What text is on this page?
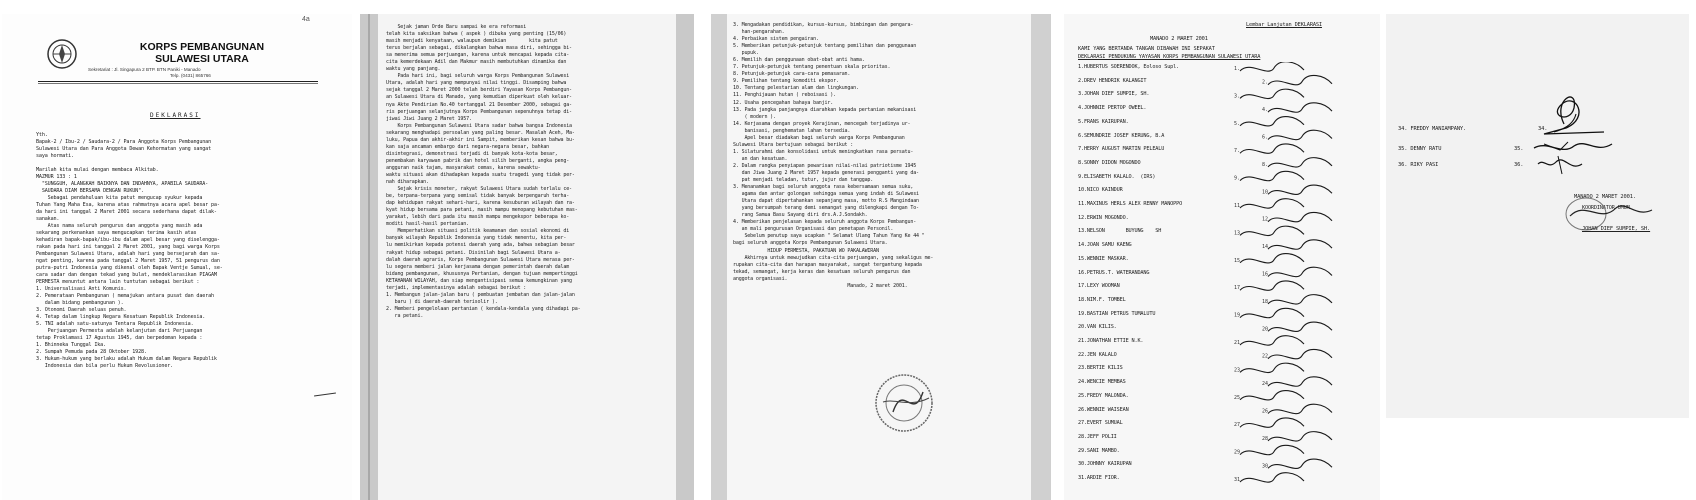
4a
KORPS PEMBANGUNAN
SULAWESI UTARA
Sekretariat : Jl. Singapura 2 BTP. BTN Paniki - Manado
Telp. (0431) 865766
DEKLARASI
Yth.
Bapak-2 / Ibu-2 / Saudara-2 / Para Anggota Korps Pembangunan
Sulawesi Utara dan Para Anggota Dewan Kehormatan yang sangat
saya hormati.

Marilah kita mulai dengan membaca Alkitab.
MAZMUR 133 : 1
"SUNGGUH, ALANGKAH BAIKNYA DAN INDAHNYA, APABILA SAUDARA-
SAUDARA DIAM BERSAMA DENGAN RUKUN".
Sebagai pendahuluan kita patut mengucap syukur kepada
Tuhan Yang Maha Esa, karena atas rahmatnya acara apel besar pa-
da hari ini tanggal 2 Maret 2001 secara sederhana dapat dilak-
sanakan.
Atas nama seluruh pengurus dan anggota yang masih ada
sekarang perkenankan saya mengucapkan terima kasih atas
kehadiran bapak-bapak/ibu-ibu dalam apel besar yang diselengga-
rakan pada hari ini tanggal 2 Maret 2001, yang bagi warga Korps
Pembangunan Sulawesi Utara, adalah hari yang bersejarah dan sa-
ngat penting, karena pada tanggal 2 Maret 1957, 51 pengurus dan
putra-putri Indonesia yang dikenal oleh Bapak Ventje Sumual, se-
cara sadar dan dengan tekad yang bulat, mendeklarasikan PIAGAM
PERMESTA menuntut antara lain tuntutan sebagai berikut :
1. Universalisasi Anti Komunis.
2. Pemerataan Pembangunan ( memajukan antara pusat dan daerah
dalam bidang pembangunan ).
3. Otonomi Daerah seluas penuh.
4. Tetap dalam lingkup Negara Kesatuan Republik Indonesia.
5. TNI adalah satu-satunya Tentara Republik Indonesia.
Perjuangan Permesta adalah kelanjutan dari Perjuangan
tetap Proklamasi 17 Agustus 1945, dan berpedoman kepada :
1. Bhinneka Tunggal Ika.
2. Sumpah Pemuda pada 28 Oktober 1928.
3. Hukum-hukum yang berlaku adalah Hukum dalam Negara Republik
Indonesia dan bila perlu Hukum Revolusioner.
Sejak jaman Orde Baru sampai ke era reformasi
telah kita saksikan bahwa ( aspek ) dibuka yang penting (15/06)
masih menjadi kenyataan, walaupun demikian        kita patut
terus berjalan sebagai, dikalangkan bahwa masa diri, sehingga bi-
sa menerima semua perjuangan, karena untuk mencapai kepada cita-
cita kemerdekaan Adil dan Makmur masih membutuhkan dinamika dan
waktu yang panjang.
Pada hari ini, bagi seluruh warga Korps Pembangunan Sulawesi
Utara, adalah hari yang mempunyai nilai tinggi. Disamping bahwa
sejak tanggal 2 Maret 2000 telah berdiri Yayasan Korps Pembangun-
an Sulawesi Utara di Manado, yang kemudian diperkuat oleh keluar-
nya Akte Pendirian No.40 tertanggal 21 Desember 2000, sebagai ga-
ris perjuangan selanjutnya Korps Pembangunan sepenuhnya tetap di-
jiwai Jiwi Juang 2 Maret 1957.
Korps Pembangunan Sulawesi Utara sadar bahwa bangsa Indonesia
sekarang menghadapi persoalan yang paling besar. Masalah Aceh, Ma-
luku, Papua dan akhir-akhir ini Sampit, memberikan kesan bahwa bu-
kan saja ancaman embargo dari negara-negara besar, bahkan
disintegrasi, demonstrasi terjadi di banyak kota-kota besar,
penembakan karyawan pabrik dan hotel silih berganti, angka peng-
angguran naik tajam, masyarakat cemas, karena sewaktu-
waktu situasi akan dihadapkan kepada suatu tragedi yang tidak per-
nah diharapkan.
Sejak krisis moneter, rakyat Sulawesi Utara sudah terlalu ce-
be, terpana-terpana yang semisal tidak banyak berpengaruh terha-
dap kehidupan rakyat sehari-hari, karena kesuburan wilayah dan ra-
kyat hidup bersama para petani, masih mampu menopang kebutuhan mas-
yarakat, lebih dari pada itu masih mampu mengekspor beberapa ko-
moditi hasil-hasil pertanian.
Memperhatikan situasi politik keamanan dan sosial ekonomi di
banyak wilayah Republik Indonesia yang tidak menentu, kita per-
lu memikirkan kepada potensi daerah yang ada, bahwa sebagian besar
rakyat hidup sebagai petani. Disinilah bagi Sulawesi Utara a-
dalah daerah agraris, Korps Pembangunan Sulawesi Utara merasa per-
lu segera memberi jalan kerjasama dengan pemerintah daerah dalam
bidang pembangunan, khususnya Pertanian, dengan tujuan mempertinggi
KETAHANAN WILAYAH, dan siap mengantisipasi semua kemungkinan yang
terjadi, implementasinya adalah sebagai berikut :
1. Membangun jalan-jalan baru ( pembuatan jembatan dan jalan-jalan
baru ) di daerah-daerah terisolir ).
2. Memberi pengelolaan pertanian ( kendala-kendala yang dihadapi pa-
ra petani.
3. Mengadakan pendidikan, kursus-kursus, bimbingan dan pengara-
han-pengarahan.
4. Perbaikan sistem pengairan.
5. Memberikan petunjuk-petunjuk tentang pemilihan dan penggunaan
pupuk.
6. Memilih dan penggunaan obat-obat anti hama.
7. Petunjuk-petunjuk tentang penentuan skala prioritas.
8. Petunjuk-petunjuk cara-cara pemasaran.
9. Pemilihan tentang komoditi ekspor.
10. Tentang pelestarian alam dan lingkungan.
11. Penghijauan hutan ( reboisasi ).
12. Usaha pencegahan bahaya banjir.
13. Pada jangka panjangnya diarahkan kepada pertanian mekanisasi
( modern ).
14. Kerjasama dengan proyek Kerajinan, mencegah terjadinya ur-
banisasi, penghematan lahan tersedia.
Apel besar diadakan bagi seluruh warga Korps Pembangunan
Sulawesi Utara bertujuan sebagai berikut :
1. Silaturahmi dan konsolidasi untuk meningkatkan rasa persatu-
an dan kesatuan.
2. Dalam rangka penyiapan pewarisan nilai-nilai patriotisme 1945
dan Jiwa Juang 2 Maret 1957 kepada generasi pengganti yang da-
pat menjadi teladan, tutur, jujur dan tanggap.
3. Menanamkan bagi seluruh anggota rasa kebersamaan semua suku,
agama dan antar golongan sehingga semua yang indah di Sulawesi
Utara dapat dipertahankan sepanjang masa, motto R.S Mangindaan
yang bersumpah terang demi semangat yang dilengkapi dengan To-
rang Samua Basu Sayang diri drs.A.J.Sondakh.
4. Memberikan penjelasan kepada seluruh anggota Korps Pembangun-
an mali pengurusan Organisasi dan penetapan Personil.
Sebelum penutup saya ucapkan " Selamat Ulang Tahun Yang Ke 44 "
bagi seluruh anggota Korps Pembangunan Sulawesi Utara.
HIDUP PERMESTA, PAKATUAN WO PAKALAWIRAN
Akhirnya untuk mewujudkan cita-cita perjuangan, yang sekaligus me-
rupakan cita-cita dan harapan masyarakat, sangat tergantung kepada
tekad, semangat, kerja keras dan kesatuan seluruh pengurus dan
anggota organisasi.
Manado, 2 maret 2001.
Lembar Lanjutan DEKLARASI
MANADO 2 MARET 2001
KAMI YANG BERTANDA TANGAN DIBAWAH INI SEPAKAT
DEKLARASI PENDUKUNG YAYASAN KORPS PEMBANGUNAN SULAWESI UTARA
1.HUBERTUS SOERENDOK, Eoloso Supl.
2.DREV HENDRIK KALANGIT
3.JOHAN DIEF SUMPIE, SH.
4.JOHNNIE PERTOP OWEEL.
5.FRANS KAIRUPAN.
6.SEMUNDRIE JOSEF KERUNG, B.A
7.HERRY AUGUST MARTIN PELEALU
8.SONNY DIDON MOGONDO
9.ELISABETH KALALO.  (IRS)
10.NICO KAINDUR
11.MAXINUS HERLS ALEX RENNY MANOPPO
12.ERWIN MOGONDO.
13.NELSON       BUYUNG    SH
14.JOAN SAMU KAENG
15.WENNIE MASKAR.
16.PETRUS.T. WATERANDANG
17.LEXY WOOMAN
18.NIM.F. TOMBEL
19.BASTIAN PETRUS TUMALUTU
20.VAN KILIS.
21.JONATHAN ETTIE N.K.
22.JEN KALALO
23.BERTIE KILIS
24.WENCIE MEMBAS
25.FREDY MALONDA.
26.WENNIE WAISEAN
27.EVERT SUMUAL
28.JEFF POLII
29.SANI MAMBO.
30.JOHNNY KAIRUPAN
31.ARDIE FIOR.
1.
2.
3.
4.
5.
6.
7.
8.
9.
10.
11.
12.
13.
14.
15.
16.
17.
18.
19.
20.
21.
22.
23.
24.
25.
26.
27.
28.
29.
30.
31.
34. FREDDY MANIAMPANY.
35. DENNY RATU
36. RIKY PASI
34.
35.
36.
MANADO 2 MARET 2001.
KOORDINATOR UMUM
JOHAN DIEF SUMPIE, SH.
